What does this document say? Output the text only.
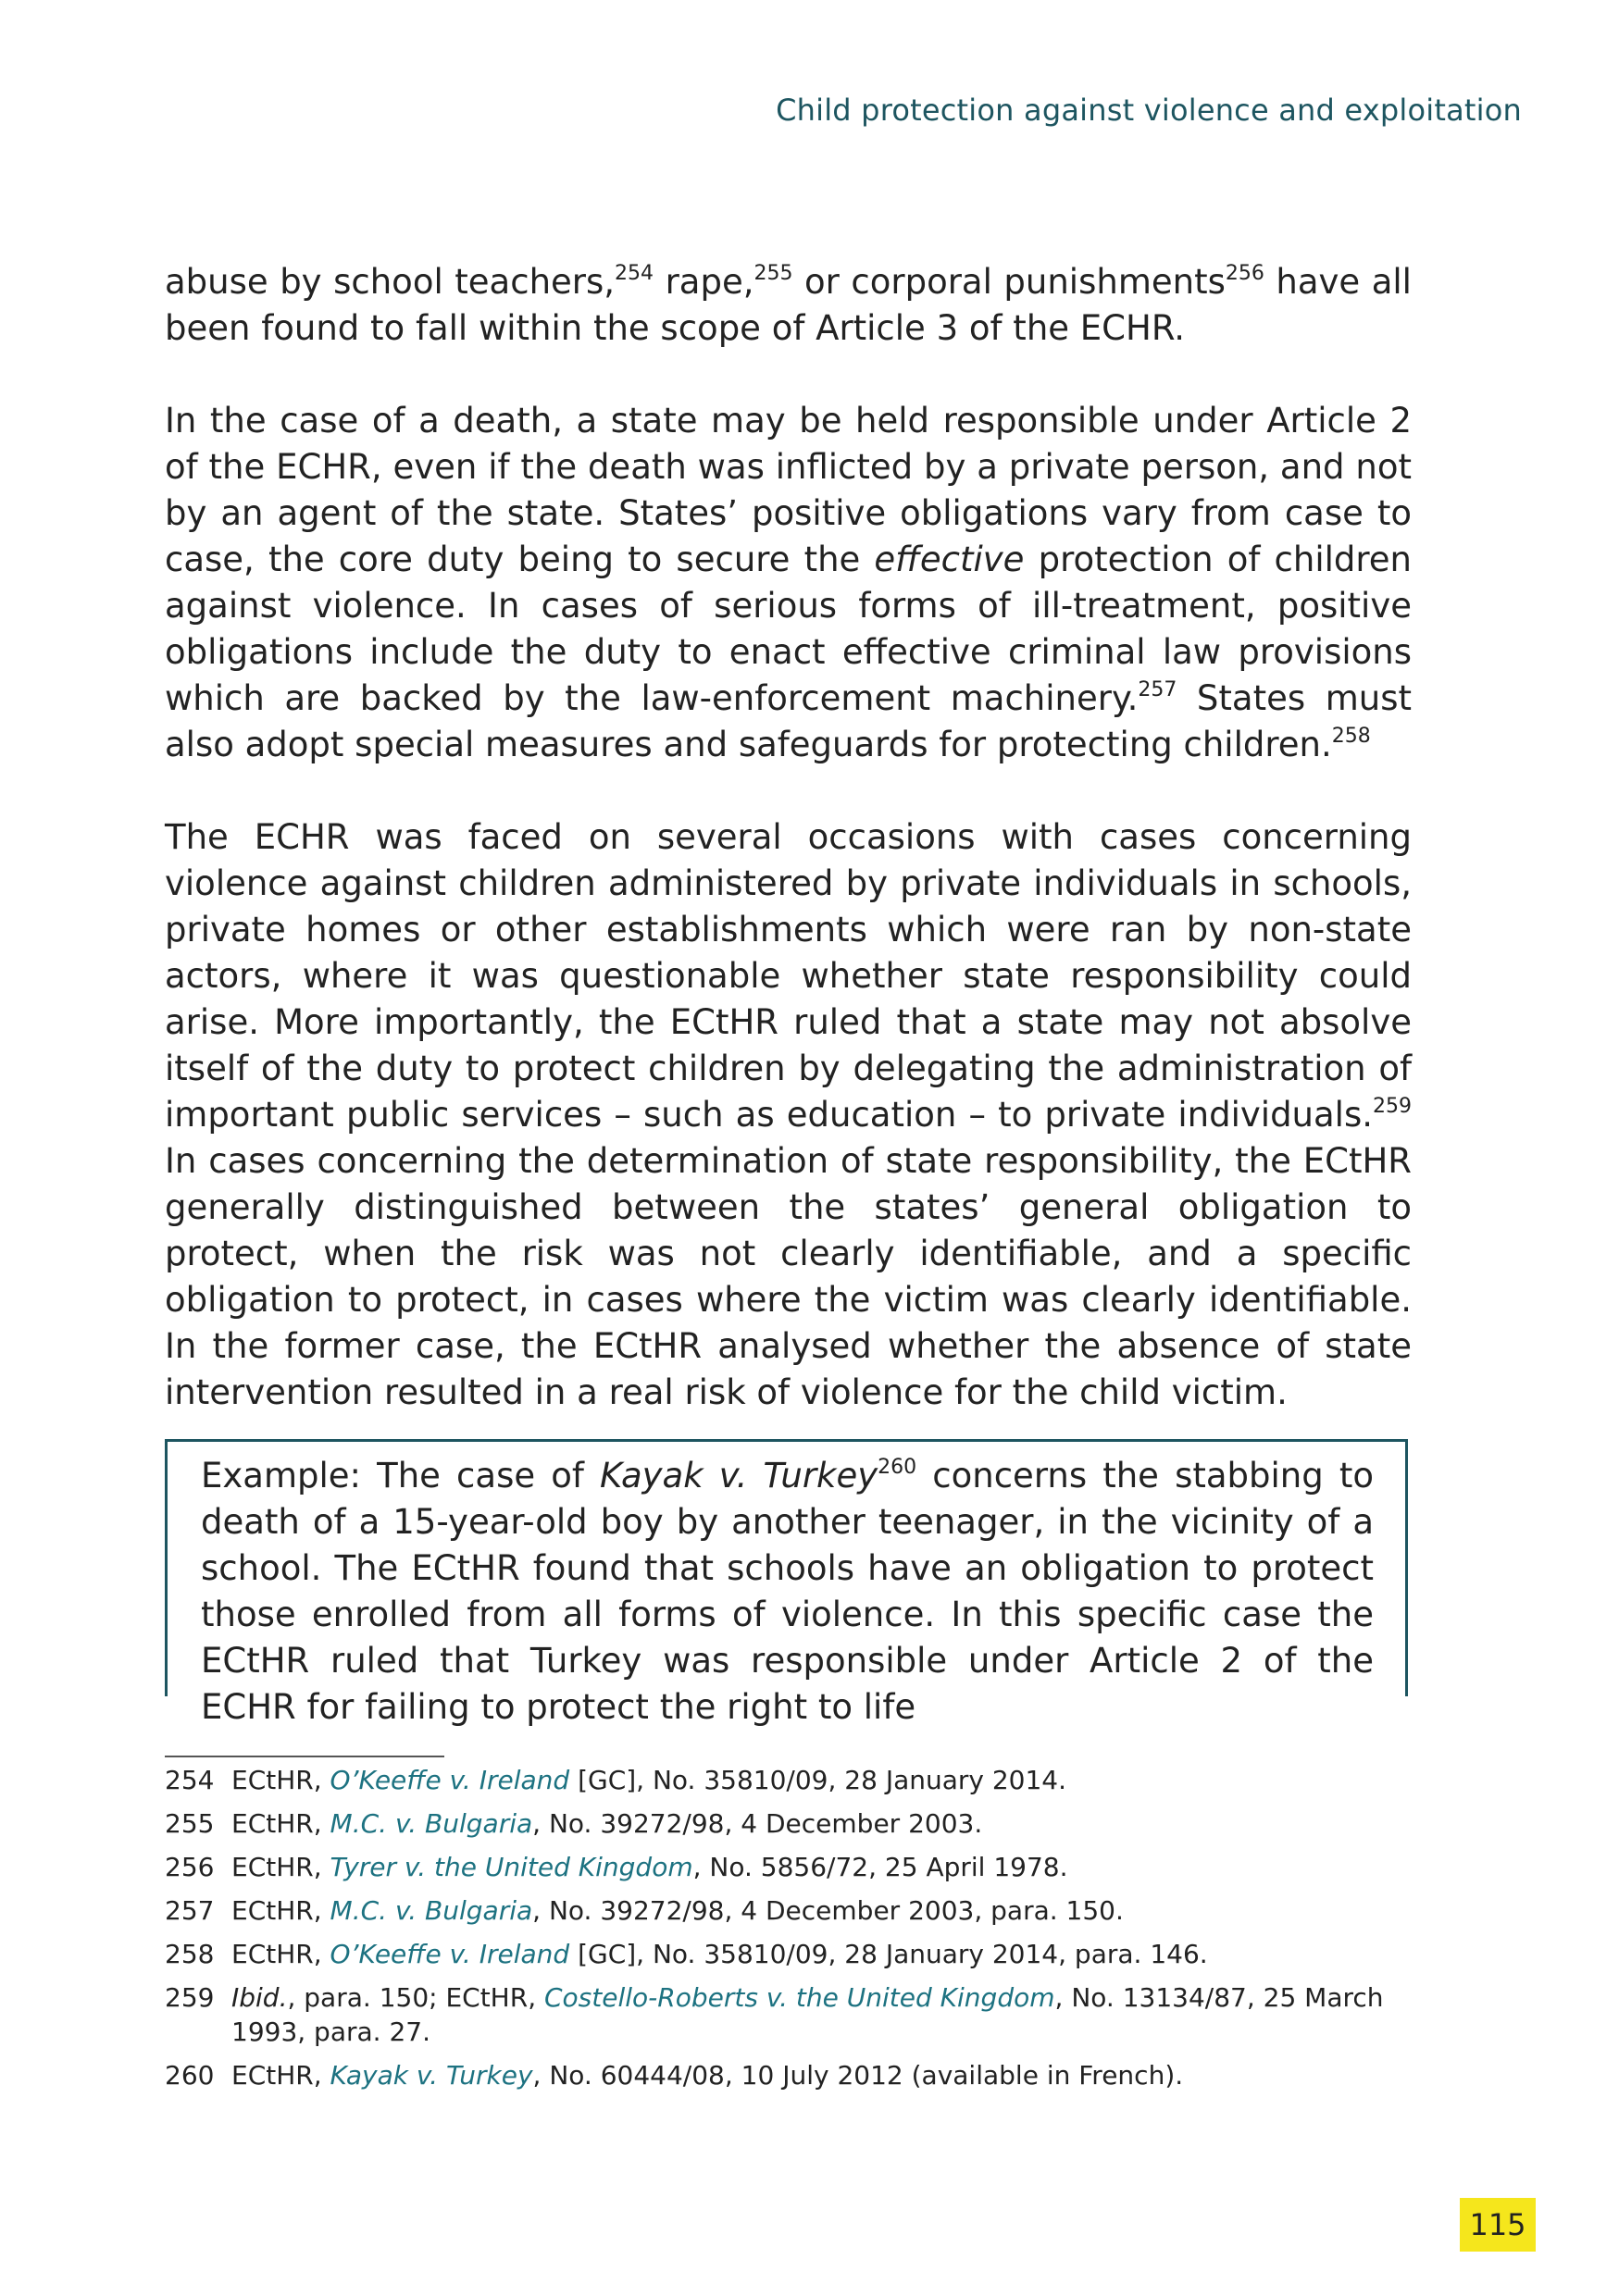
Child protection against violence and exploitation

abuse by school teachers,$^{254}$ rape,$^{255}$ or corporal punishments$^{256}$ have all been found to fall within the scope of Article 3 of the ECHR.

In the case of a death, a state may be held responsible under Article 2 of the ECHR, even if the death was inflicted by a private person, and not by an agent of the state. States’ positive obligations vary from case to case, the core duty being to secure the effective protection of children against violence. In cases of serious forms of ill-treatment, positive obligations include the duty to enact effective criminal law provisions which are backed by the law-enforcement machinery.$^{257}$ States must also adopt special measures and safeguards for protecting children.$^{258}$

The ECHR was faced on several occasions with cases concerning violence against children administered by private individuals in schools, private homes or other establishments which were ran by non-state actors, where it was questionable whether state responsibility could arise. More importantly, the ECtHR ruled that a state may not absolve itself of the duty to protect children by delegating the administration of important public services – such as education – to private individuals.$^{259}$ In cases concerning the determination of state responsibility, the ECtHR generally distinguished between the states’ general obligation to protect, when the risk was not clearly identifiable, and a specific obligation to protect, in cases where the victim was clearly identifiable. In the former case, the ECtHR analysed whether the absence of state intervention resulted in a real risk of violence for the child victim.

Example: The case of Kayak v. Turkey$^{260}$ concerns the stabbing to death of a 15-year-old boy by another teenager, in the vicinity of a school. The ECtHR found that schools have an obligation to protect those enrolled from all forms of violence. In this specific case the ECtHR ruled that Turkey was responsible under Article 2 of the ECHR for failing to protect the right to life
254 ECtHR, O’Keeffe v. Ireland [GC], No. 35810/09, 28 January 2014.
255 ECtHR, M.C. v. Bulgaria, No. 39272/98, 4 December 2003.
256 ECtHR, Tyrer v. the United Kingdom, No. 5856/72, 25 April 1978.
257 ECtHR, M.C. v. Bulgaria, No. 39272/98, 4 December 2003, para. 150.
258 ECtHR, O’Keeffe v. Ireland [GC], No. 35810/09, 28 January 2014, para. 146.
259 Ibid., para. 150; ECtHR, Costello-Roberts v. the United Kingdom, No. 13134/87, 25 March 1993, para. 27.
260 ECtHR, Kayak v. Turkey, No. 60444/08, 10 July 2012 (available in French).
115
